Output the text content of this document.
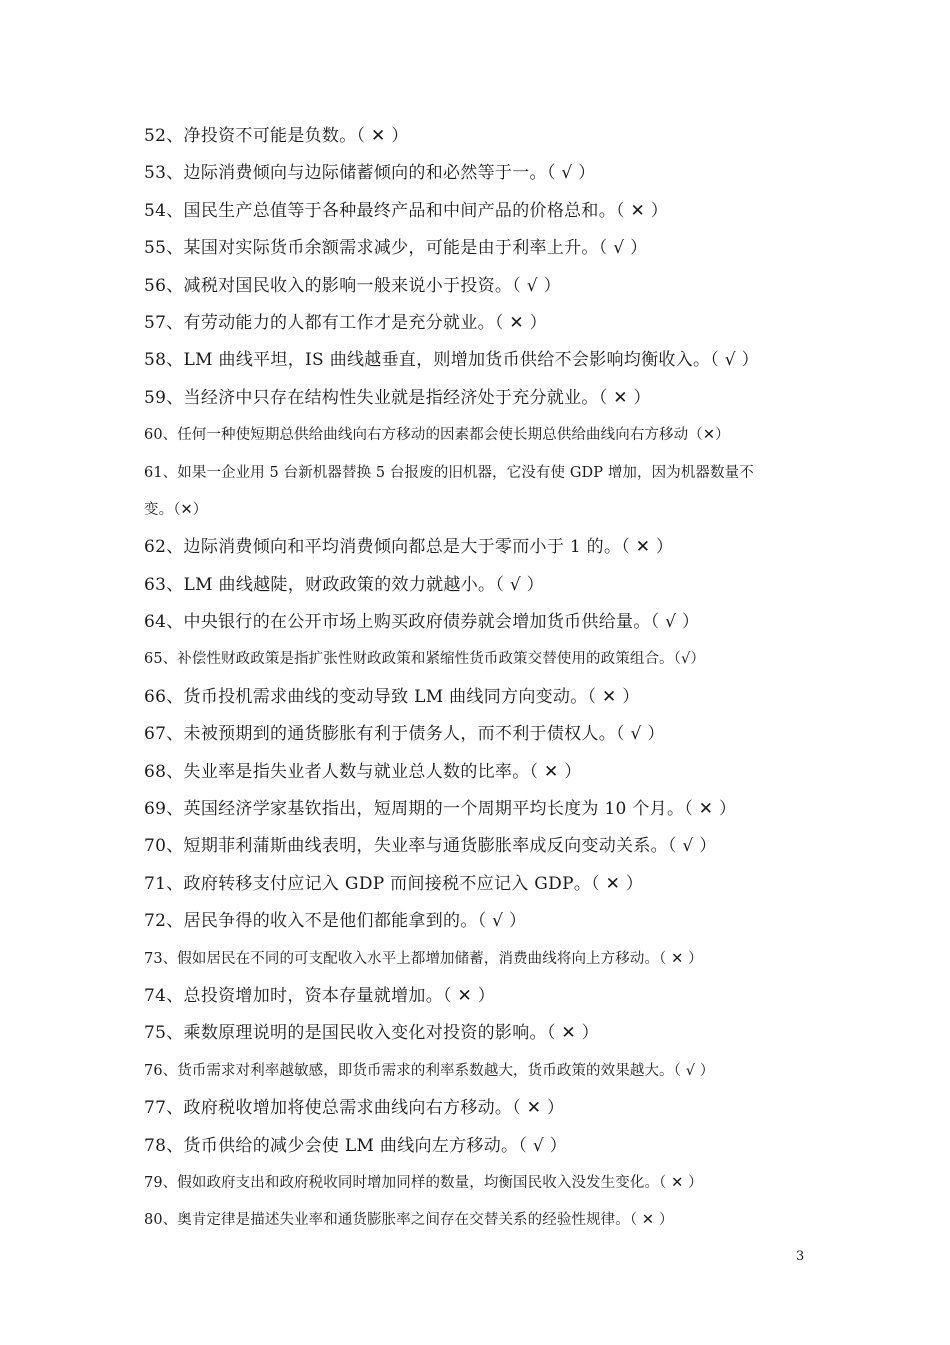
52、净投资不可能是负数。（ ✕ ）
53、边际消费倾向与边际储蓄倾向的和必然等于一。（ √ ）
54、国民生产总值等于各种最终产品和中间产品的价格总和。（ ✕ ）
55、某国对实际货币余额需求减少，可能是由于利率上升。（ √ ）
56、减税对国民收入的影响一般来说小于投资。（ √ ）
57、有劳动能力的人都有工作才是充分就业。（ ✕ ）
58、LM 曲线平坦，IS 曲线越垂直，则增加货币供给不会影响均衡收入。（ √ ）
59、当经济中只存在结构性失业就是指经济处于充分就业。（ ✕ ）
60、任何一种使短期总供给曲线向右方移动的因素都会使长期总供给曲线向右方移动（✕）
61、如果一企业用 5 台新机器替换 5 台报废的旧机器，它没有使 GDP 增加，因为机器数量不
变。（✕）
62、边际消费倾向和平均消费倾向都总是大于零而小于 1 的。（ ✕ ）
63、LM 曲线越陡，财政政策的效力就越小。（ √ ）
64、中央银行的在公开市场上购买政府债券就会增加货币供给量。（ √ ）
65、补偿性财政政策是指扩张性财政政策和紧缩性货币政策交替使用的政策组合。（√）
66、货币投机需求曲线的变动导致 LM 曲线同方向变动。（ ✕ ）
67、未被预期到的通货膨胀有利于债务人，而不利于债权人。（ √ ）
68、失业率是指失业者人数与就业总人数的比率。（ ✕ ）
69、英国经济学家基钦指出，短周期的一个周期平均长度为 10 个月。（ ✕ ）
70、短期菲利蒲斯曲线表明，失业率与通货膨胀率成反向变动关系。（ √ ）
71、政府转移支付应记入 GDP 而间接税不应记入 GDP。（ ✕ ）
72、居民争得的收入不是他们都能拿到的。（ √ ）
73、假如居民在不同的可支配收入水平上都增加储蓄，消费曲线将向上方移动。（ ✕ ）
74、总投资增加时，资本存量就增加。（ ✕ ）
75、乘数原理说明的是国民收入变化对投资的影响。（ ✕ ）
76、货币需求对利率越敏感，即货币需求的利率系数越大，货币政策的效果越大。（ √ ）
77、政府税收增加将使总需求曲线向右方移动。（ ✕ ）
78、货币供给的减少会使 LM 曲线向左方移动。（ √ ）
79、假如政府支出和政府税收同时增加同样的数量，均衡国民收入没发生变化。（ ✕ ）
80、奥肯定律是描述失业率和通货膨胀率之间存在交替关系的经验性规律。（ ✕ ）
3
